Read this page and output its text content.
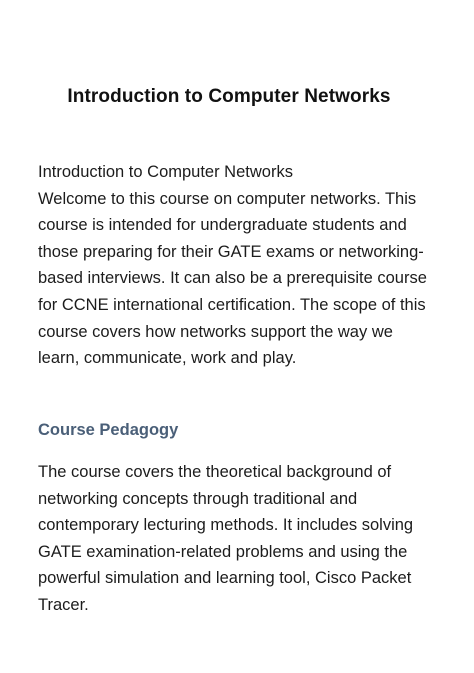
Introduction to Computer Networks

Introduction to Computer Networks
Welcome to this course on computer networks. This course is intended for undergraduate students and those preparing for their GATE exams or networking-based interviews. It can also be a prerequisite course for CCNE international certification. The scope of this course covers how networks support the way we learn, communicate, work and play.

Course Pedagogy

The course covers the theoretical background of networking concepts through traditional and contemporary lecturing methods. It includes solving GATE examination-related problems and using the powerful simulation and learning tool, Cisco Packet Tracer.
